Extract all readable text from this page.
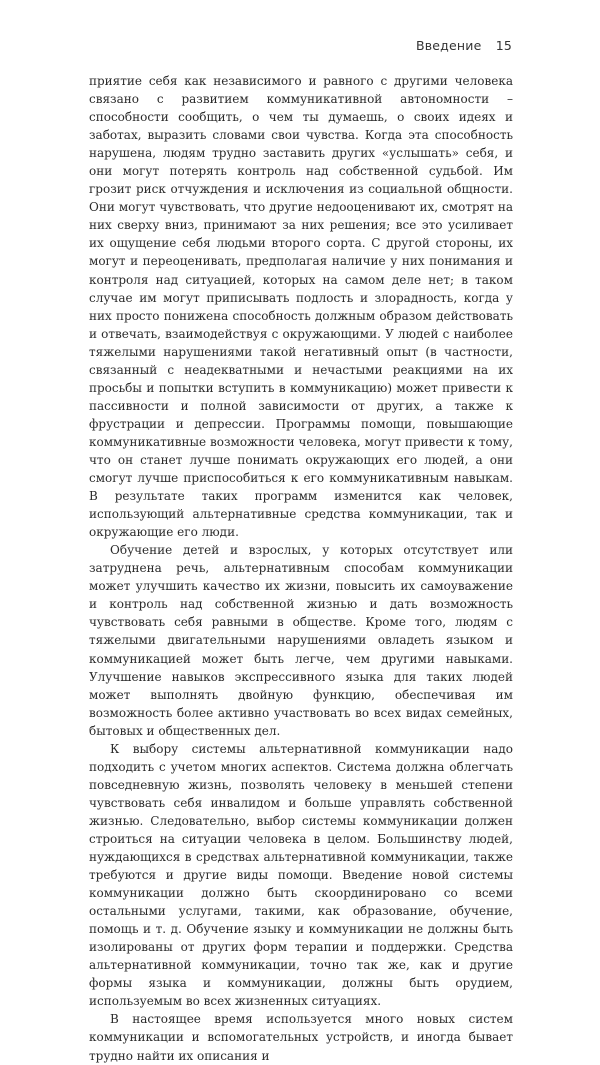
Введение 15

приятие себя как независимого и равного с другими человека связано с развитием коммуникативной автономности – способности сообщить, о чем ты думаешь, о своих идеях и заботах, выразить словами свои чувства. Когда эта способность нарушена, людям трудно заставить других «услышать» себя, и они могут потерять контроль над собственной судьбой. Им грозит риск отчуждения и исключения из социальной общности. Они могут чувствовать, что другие недооценивают их, смотрят на них сверху вниз, принимают за них решения; все это усиливает их ощущение себя людьми второго сорта. С другой стороны, их могут и переоценивать, предполагая наличие у них понимания и контроля над ситуацией, которых на самом деле нет; в таком случае им могут приписывать подлость и злорадность, когда у них просто понижена способность должным образом действовать и отвечать, взаимодействуя с окружающими. У людей с наиболее тяжелыми нарушениями такой негативный опыт (в частности, связанный с неадекватными и нечастыми реакциями на их просьбы и попытки вступить в коммуникацию) может привести к пассивности и полной зависимости от других, а также к фрустрации и депрессии. Программы помощи, повышающие коммуникативные возможности человека, могут привести к тому, что он станет лучше понимать окружающих его людей, а они смогут лучше приспособиться к его коммуникативным навыкам. В результате таких программ изменится как человек, использующий альтернативные средства коммуникации, так и окружающие его люди.

Обучение детей и взрослых, у которых отсутствует или затруднена речь, альтернативным способам коммуникации может улучшить качество их жизни, повысить их самоуважение и контроль над собственной жизнью и дать возможность чувствовать себя равными в обществе. Кроме того, людям с тяжелыми двигательными нарушениями овладеть языком и коммуникацией может быть легче, чем другими навыками. Улучшение навыков экспрессивного языка для таких людей может выполнять двойную функцию, обеспечивая им возможность более активно участвовать во всех видах семейных, бытовых и общественных дел.

К выбору системы альтернативной коммуникации надо подходить с учетом многих аспектов. Система должна облегчать повседневную жизнь, позволять человеку в меньшей степени чувствовать себя инвалидом и больше управлять собственной жизнью. Следовательно, выбор системы коммуникации должен строиться на ситуации человека в целом. Большинству людей, нуждающихся в средствах альтернативной коммуникации, также требуются и другие виды помощи. Введение новой системы коммуникации должно быть скоординировано со всеми остальными услугами, такими, как образование, обучение, помощь и т. д. Обучение языку и коммуникации не должны быть изолированы от других форм терапии и поддержки. Средства альтернативной коммуникации, точно так же, как и другие формы языка и коммуникации, должны быть орудием, используемым во всех жизненных ситуациях.

В настоящее время используется много новых систем коммуникации и вспомогательных устройств, и иногда бывает трудно найти их описания и
